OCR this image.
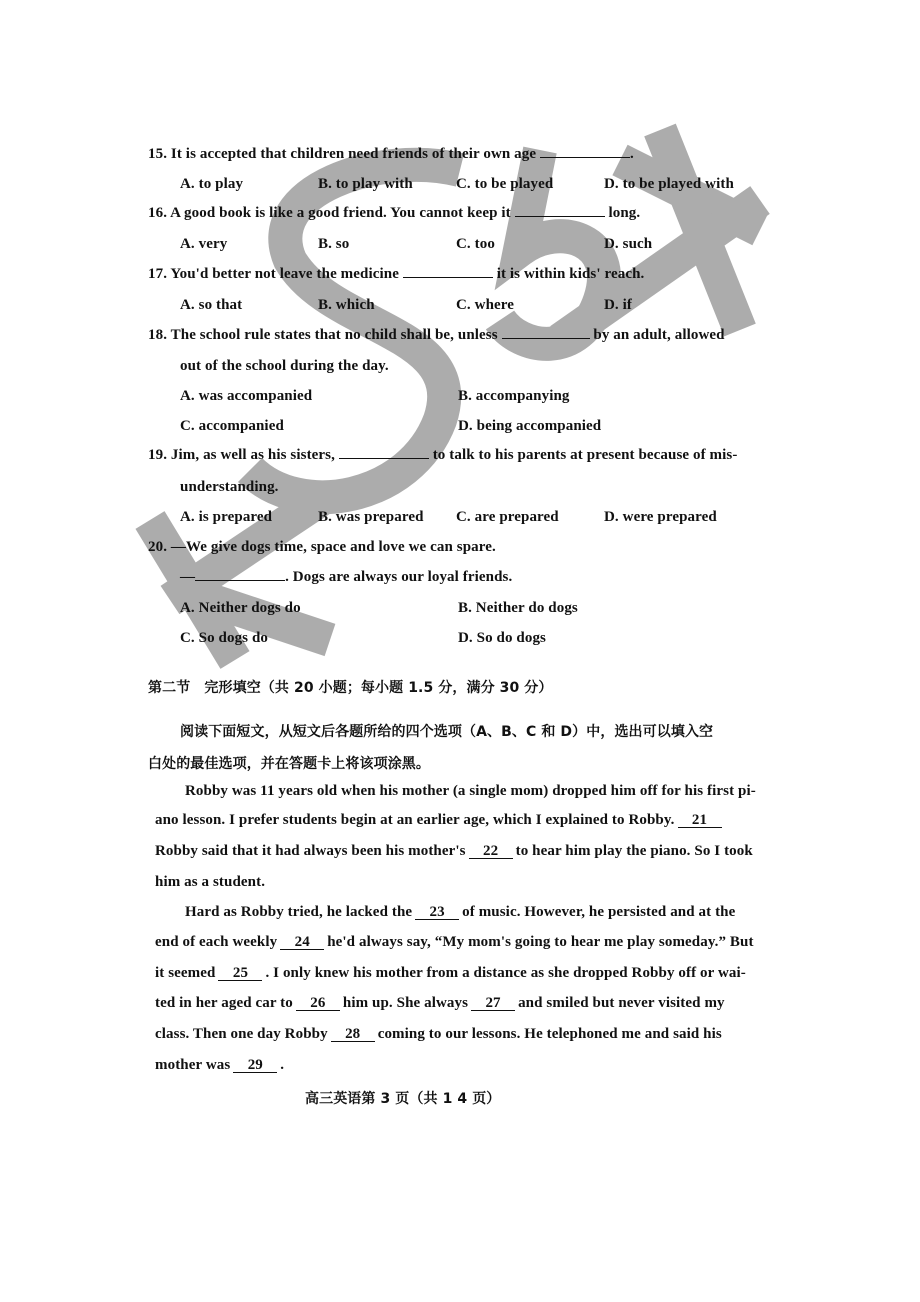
15. It is accepted that children need friends of their own age	.
A. to play	B. to play with	C. to be played	D. to be played with
16. A good book is like a good friend. You cannot keep it	long.
A. very	B. so	C. too	D. such
17. You'd better not leave the medicine	it is within kids' reach.
A. so that	B. which	C. where	D. if
18. The school rule states that no child shall be, unless	by an adult, allowed
out of the school during the day.
A. was accompanied	B. accompanying
C. accompanied	D. being accompanied
19. Jim, as well as his sisters,	to talk to his parents at present because of mis-
understanding.
A. is prepared	B. was prepared C. are prepared	D. were prepared
20. —We give dogs time, space and love we can spare.
—	. Dogs are always our loyal friends.
A. Neither dogs do	B. Neither do dogs
C. So dogs do	D. So do dogs
第二节　完形填空（共 20 小题；每小题 1.5 分，满分 30 分）
阅读下面短文，从短文后各题所给的四个选项（A、B、C 和 D）中，选出可以填入空
白处的最佳选项，并在答题卡上将该项涂黑。
Robby was 11 years old when his mother (a single mom) dropped him off for his first pi-
ano lesson. I prefer students begin at an earlier age, which I explained to Robby. 21
Robby said that it had always been his mother's 22 to hear him play the piano. So I took
him as a student.
Hard as Robby tried, he lacked the 23 of music. However, he persisted and at the
end of each weekly 24 he'd always say, “My mom's going to hear me play someday.” But
it seemed 25 . I only knew his mother from a distance as she dropped Robby off or wai-
ted in her aged car to 26 him up. She always 27 and smiled but never visited my
class. Then one day Robby 28 coming to our lessons. He telephoned me and said his
mother was 29 .
高三英语第 3 页（共 1 4 页）
